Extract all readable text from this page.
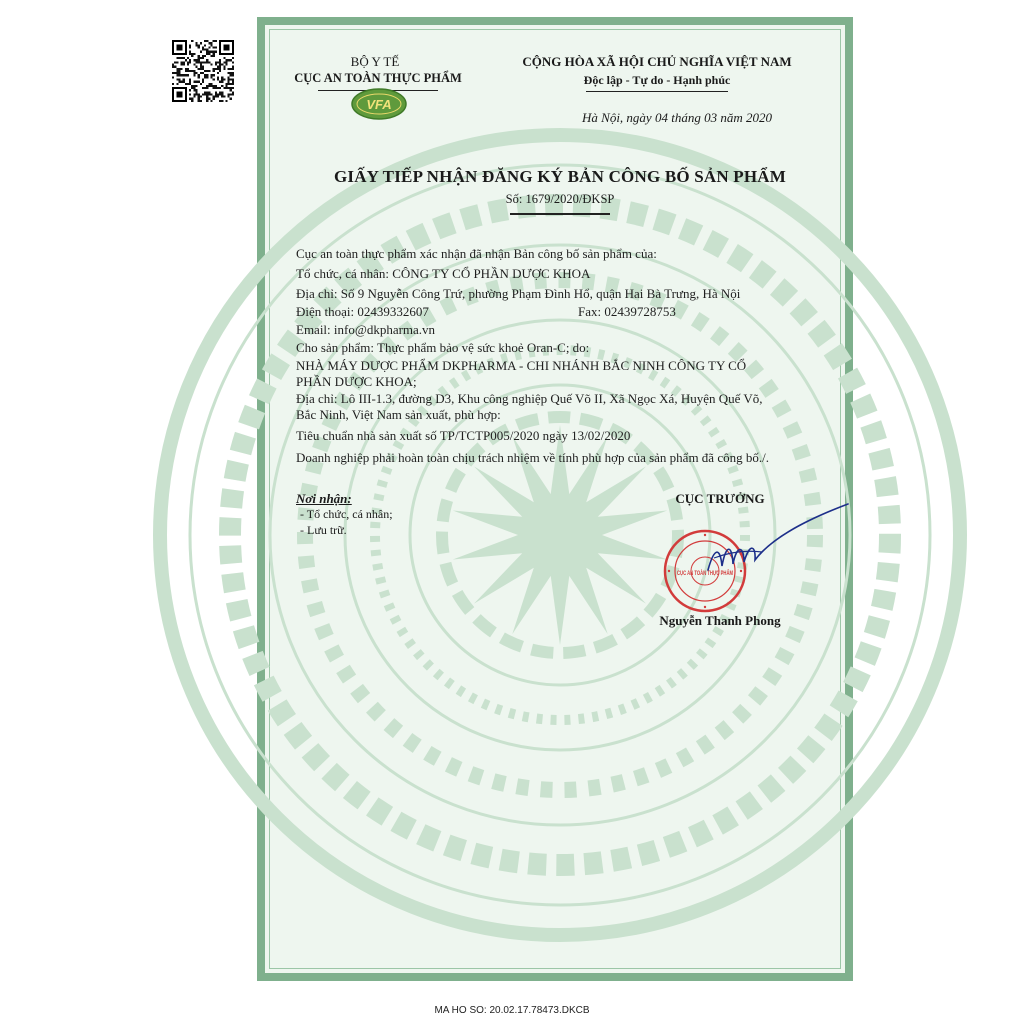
BỘ Y TẾ
CỤC AN TOÀN THỰC PHẨM
VFA
CỘNG HÒA XÃ HỘI CHỦ NGHĨA VIỆT NAM
Độc lập - Tự do - Hạnh phúc
Hà Nội, ngày 04 tháng 03 năm 2020
GIẤY TIẾP NHẬN ĐĂNG KÝ BẢN CÔNG BỐ SẢN PHẨM
Số: 1679/2020/ĐKSP
Cục an toàn thực phẩm xác nhận đã nhận Bản công bố sản phẩm của:
Tổ chức, cá nhân: CÔNG TY CỔ PHẦN DƯỢC KHOA
Địa chỉ: Số 9 Nguyễn Công Trứ, phường Phạm Đình Hổ, quận Hai Bà Trưng, Hà Nội
Điện thoại: 02439332607	Fax: 02439728753
Email: info@dkpharma.vn
Cho sản phẩm: Thực phẩm bảo vệ sức khoẻ Oran-C; do:
NHÀ MÁY DƯỢC PHẨM DKPHARMA - CHI NHÁNH BẮC NINH CÔNG TY CỔ
PHẦN DƯỢC KHOA;
Địa chỉ: Lô III-1.3, đường D3, Khu công nghiệp Quế Võ II, Xã Ngọc Xá, Huyện Quế Võ,
Bắc Ninh, Việt Nam sản xuất, phù hợp:
Tiêu chuẩn nhà sản xuất số TP/TCTP005/2020 ngày 13/02/2020
Doanh nghiệp phải hoàn toàn chịu trách nhiệm về tính phù hợp của sản phẩm đã công bố./.
Nơi nhận:
- Tổ chức, cá nhân;
- Lưu trữ.
CỤC TRƯỞNG
CỤC AN TOÀN THỰC PHẨM
Nguyễn Thanh Phong
MA HO SO: 20.02.17.78473.DKCB
